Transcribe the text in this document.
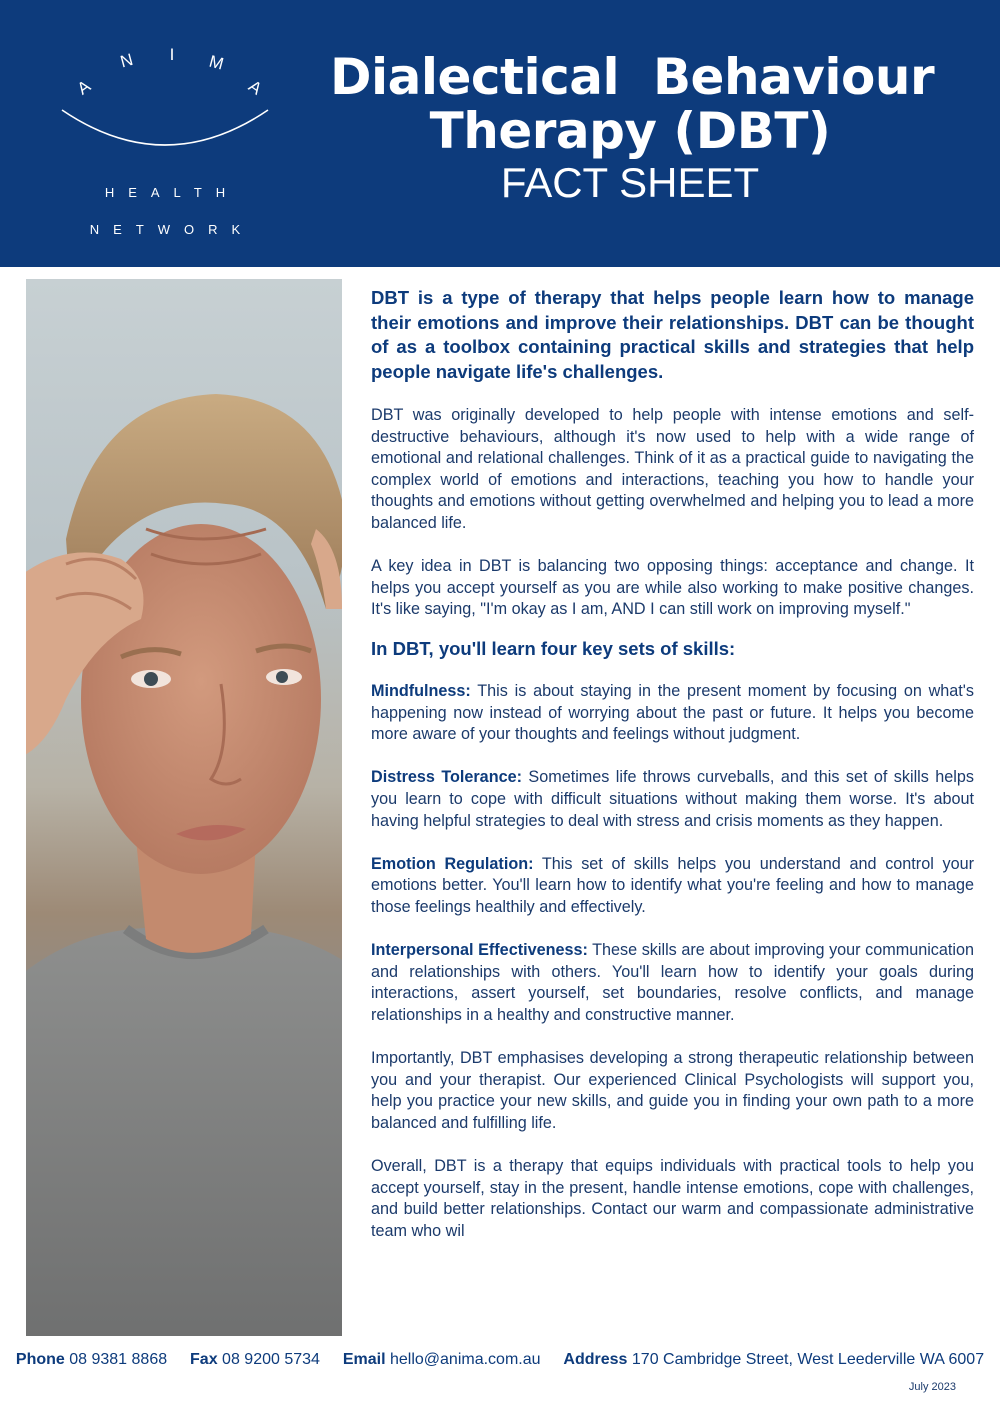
A
N I M
A
HEALTH
NETWORK
Dialectical  Behaviour
Therapy (DBT)
FACT SHEET

DBT is a type of therapy that helps people learn how to manage their emotions and improve their relationships. DBT can be thought of as a toolbox containing practical skills and strategies that help people navigate life's challenges.

DBT was originally developed to help people with intense emotions and self-destructive behaviours, although it's now used to help with a wide range of emotional and relational challenges. Think of it as a practical guide to navigating the complex world of emotions and interactions, teaching you how to handle your thoughts and emotions without getting overwhelmed and helping you to lead a more balanced life.

A key idea in DBT is balancing two opposing things: acceptance and change. It helps you accept yourself as you are while also working to make positive changes. It's like saying, "I'm okay as I am, AND I can still work on improving myself."

In DBT, you'll learn four key sets of skills:

Mindfulness: This is about staying in the present moment by focusing on what's happening now instead of worrying about the past or future. It helps you become more aware of your thoughts and feelings without judgment.

Distress Tolerance: Sometimes life throws curveballs, and this set of skills helps you learn to cope with difficult situations without making them worse. It's about having helpful strategies to deal with stress and crisis moments as they happen.

Emotion Regulation: This set of skills helps you understand and control your emotions better. You'll learn how to identify what you're feeling and how to manage those feelings healthily and effectively.

Interpersonal Effectiveness: These skills are about improving your communication and relationships with others. You'll learn how to identify your goals during interactions, assert yourself, set boundaries, resolve conflicts, and manage relationships in a healthy and constructive manner.

Importantly, DBT emphasises developing a strong therapeutic relationship between you and your therapist. Our experienced Clinical Psychologists will support you, help you practice your new skills, and guide you in finding your own path to a more balanced and fulfilling life.

Overall, DBT is a therapy that equips individuals with practical tools to help you accept yourself, stay in the present, handle intense emotions, cope with challenges, and build better relationships. Contact our warm and compassionate administrative team who wil

Phone 08 9381 8868 Fax 08 9200 5734 Email hello@anima.com.au Address 170 Cambridge Street, West Leederville WA 6007
July 2023
